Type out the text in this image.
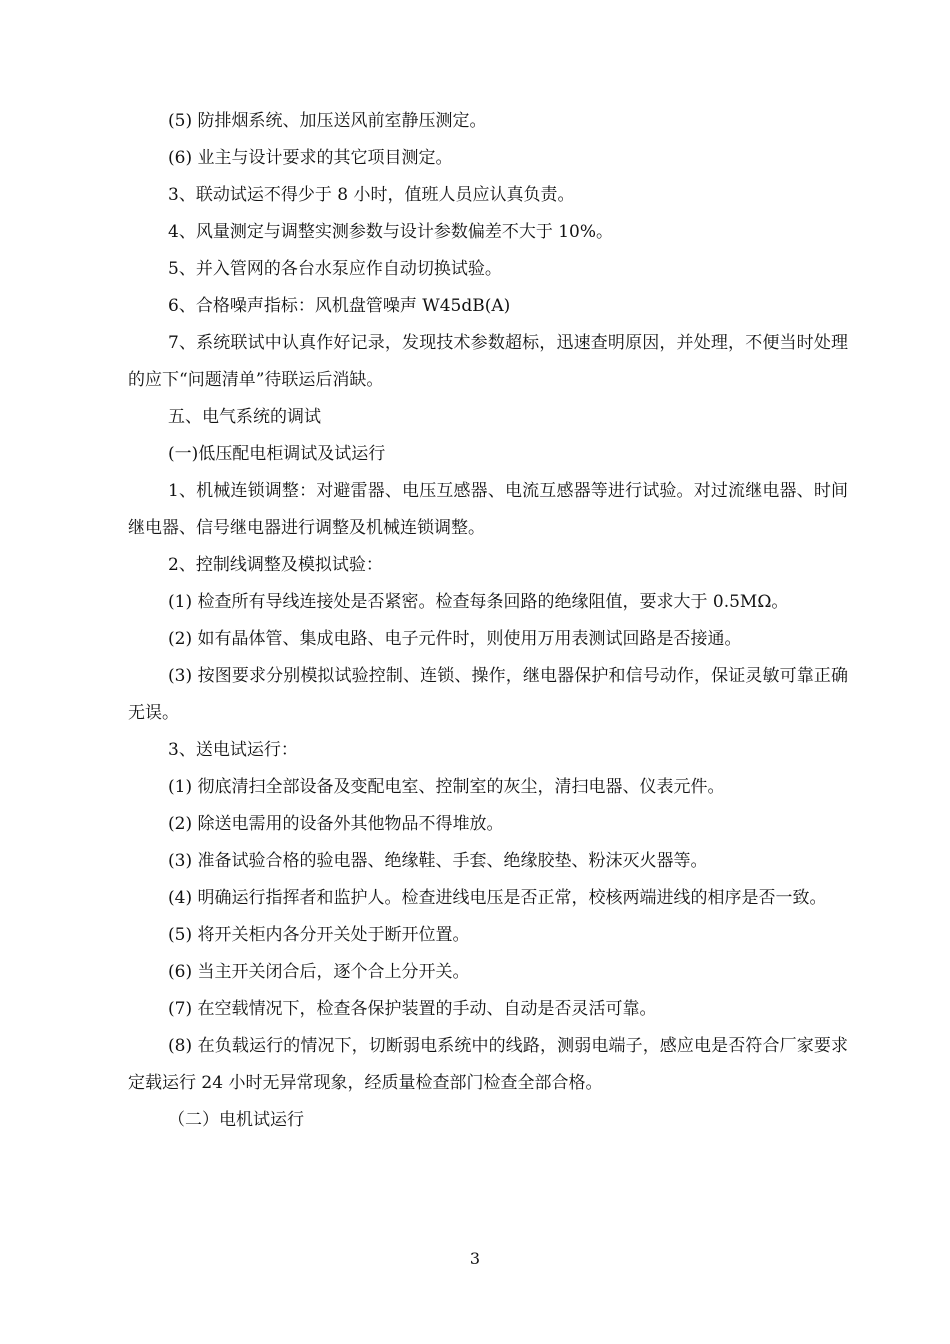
(5) 防排烟系统、加压送风前室静压测定。

(6) 业主与设计要求的其它项目测定。

3、联动试运不得少于 8 小时，值班人员应认真负责。

4、风量测定与调整实测参数与设计参数偏差不大于 10%。

5、并入管网的各台水泵应作自动切换试验。

6、合格噪声指标：风机盘管噪声 W45dB(A)

7、系统联试中认真作好记录，发现技术参数超标，迅速查明原因，并处理，不便当时处理的应下“问题清单”待联运后消缺。

五、电气系统的调试

(一)低压配电柜调试及试运行

1、机械连锁调整：对避雷器、电压互感器、电流互感器等进行试验。对过流继电器、时间继电器、信号继电器进行调整及机械连锁调整。

2、控制线调整及模拟试验：

(1) 检查所有导线连接处是否紧密。检查每条回路的绝缘阻值，要求大于 0.5MΩ。

(2) 如有晶体管、集成电路、电子元件时，则使用万用表测试回路是否接通。

(3) 按图要求分别模拟试验控制、连锁、操作，继电器保护和信号动作，保证灵敏可靠正确无误。

3、送电试运行：

(1) 彻底清扫全部设备及变配电室、控制室的灰尘，清扫电器、仪表元件。

(2) 除送电需用的设备外其他物品不得堆放。

(3) 准备试验合格的验电器、绝缘鞋、手套、绝缘胶垫、粉沫灭火器等。

(4) 明确运行指挥者和监护人。检查进线电压是否正常，校核两端进线的相序是否一致。

(5) 将开关柜内各分开关处于断开位置。

(6) 当主开关闭合后，逐个合上分开关。

(7) 在空载情况下，检查各保护装置的手动、自动是否灵活可靠。

(8) 在负载运行的情况下，切断弱电系统中的线路，测弱电端子，感应电是否符合厂家要求定载运行 24 小时无异常现象，经质量检查部门检查全部合格。

（二）电机试运行

3
